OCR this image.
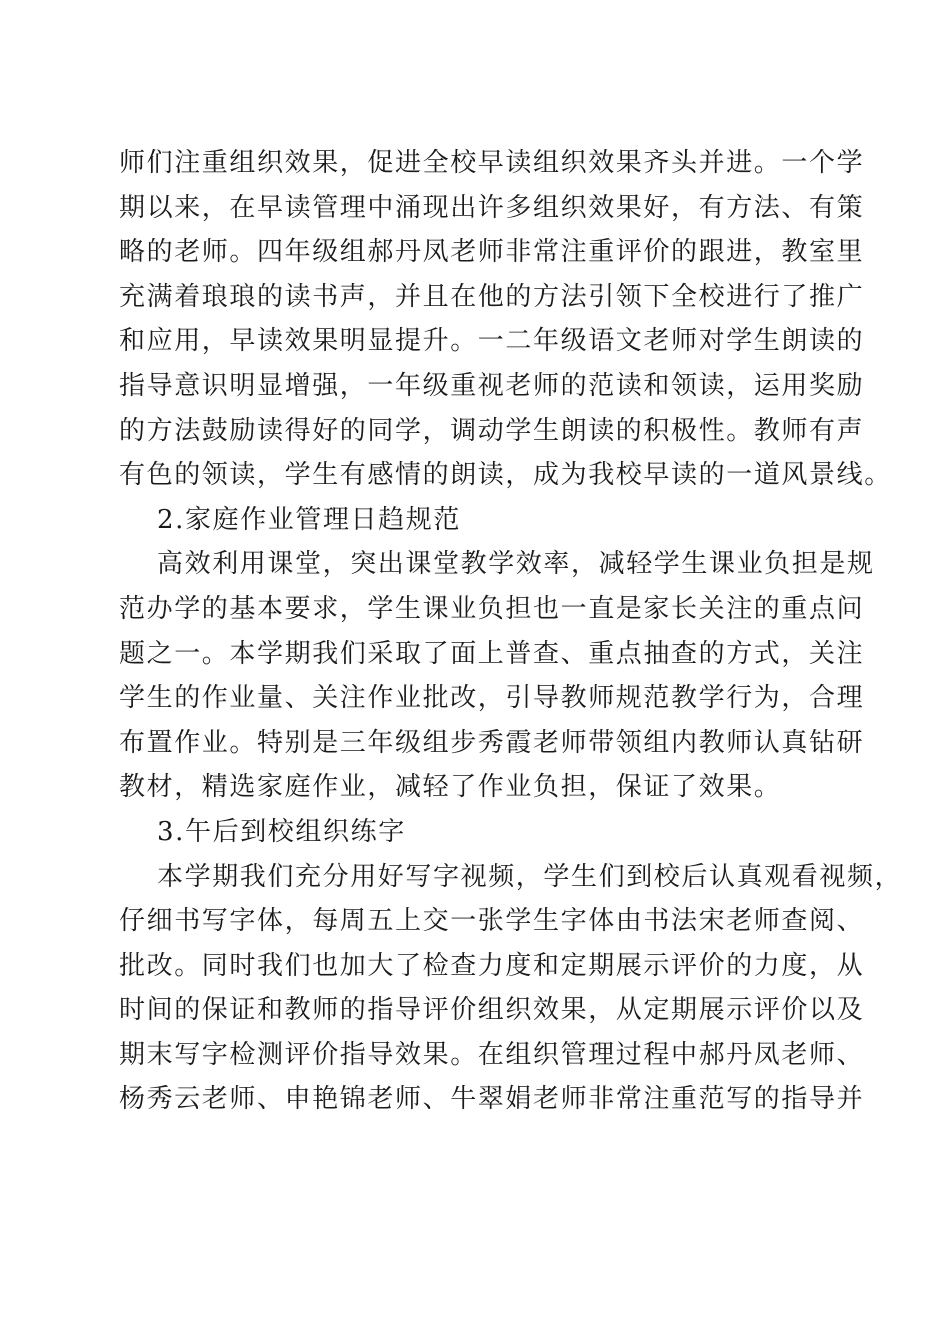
师们注重组织效果，促进全校早读组织效果齐头并进。一个学
期以来，在早读管理中涌现出许多组织效果好，有方法、有策
略的老师。四年级组郝丹凤老师非常注重评价的跟进，教室里
充满着琅琅的读书声，并且在他的方法引领下全校进行了推广
和应用，早读效果明显提升。一二年级语文老师对学生朗读的
指导意识明显增强，一年级重视老师的范读和领读，运用奖励
的方法鼓励读得好的同学，调动学生朗读的积极性。教师有声
有色的领读，学生有感情的朗读，成为我校早读的一道风景线。
2.家庭作业管理日趋规范
高效利用课堂，突出课堂教学效率，减轻学生课业负担是规
范办学的基本要求，学生课业负担也一直是家长关注的重点问
题之一。本学期我们采取了面上普查、重点抽查的方式，关注
学生的作业量、关注作业批改，引导教师规范教学行为，合理
布置作业。特别是三年级组步秀霞老师带领组内教师认真钻研
教材，精选家庭作业，减轻了作业负担，保证了效果。
3.午后到校组织练字
本学期我们充分用好写字视频，学生们到校后认真观看视频，
仔细书写字体，每周五上交一张学生字体由书法宋老师查阅、
批改。同时我们也加大了检查力度和定期展示评价的力度，从
时间的保证和教师的指导评价组织效果，从定期展示评价以及
期末写字检测评价指导效果。在组织管理过程中郝丹凤老师、
杨秀云老师、申艳锦老师、牛翠娟老师非常注重范写的指导并
